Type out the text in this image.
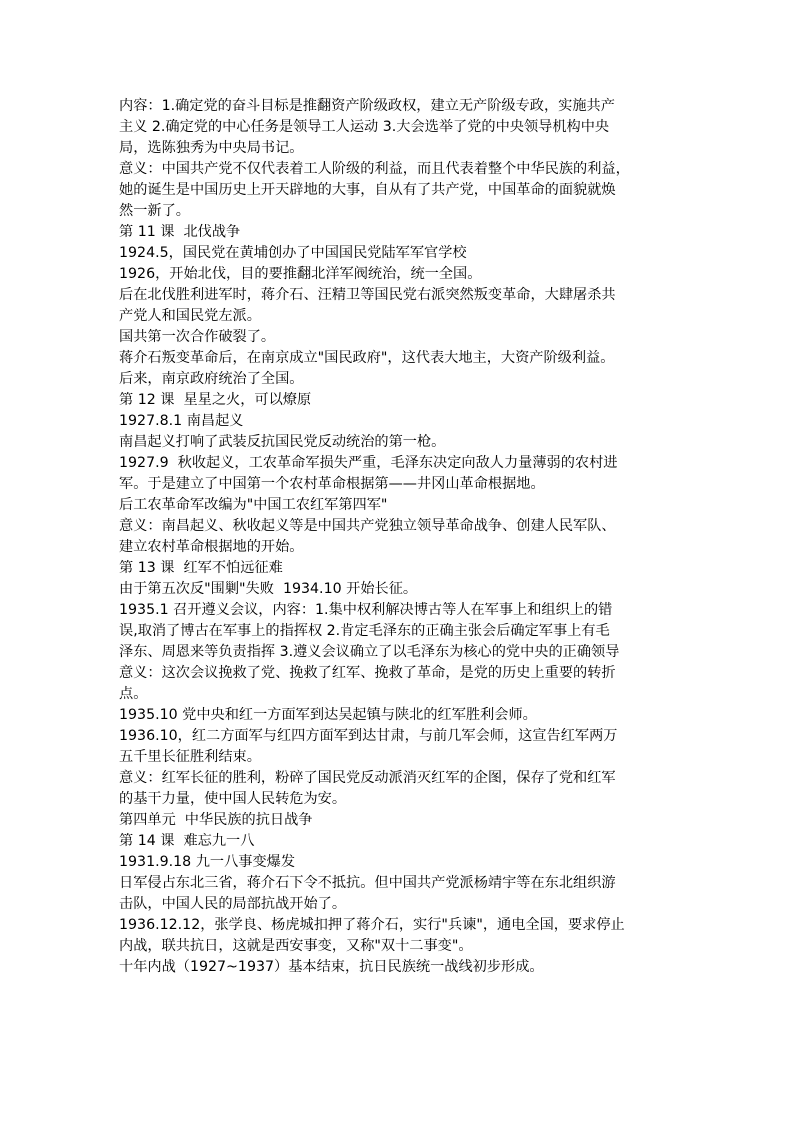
内容：1.确定党的奋斗目标是推翻资产阶级政权，建立无产阶级专政，实施共产

主义 2.确定党的中心任务是领导工人运动 3.大会选举了党的中央领导机构中央

局，选陈独秀为中央局书记。

意义：中国共产党不仅代表着工人阶级的利益，而且代表着整个中华民族的利益，

她的诞生是中国历史上开天辟地的大事，自从有了共产党，中国革命的面貌就焕

然一新了。

第 11 课  北伐战争

1924.5，国民党在黄埔创办了中国国民党陆军军官学校

1926，开始北伐，目的要推翻北洋军阀统治，统一全国。

后在北伐胜利进军时，蒋介石、汪精卫等国民党右派突然叛变革命，大肆屠杀共

产党人和国民党左派。

国共第一次合作破裂了。

蒋介石叛变革命后，在南京成立"国民政府"，这代表大地主，大资产阶级利益。

后来，南京政府统治了全国。

第 12 课  星星之火，可以燎原

1927.8.1 南昌起义

南昌起义打响了武装反抗国民党反动统治的第一枪。

1927.9  秋收起义，工农革命军损失严重，毛泽东决定向敌人力量薄弱的农村进

军。于是建立了中国第一个农村革命根据第——井冈山革命根据地。

后工农革命军改编为"中国工农红军第四军"

意义：南昌起义、秋收起义等是中国共产党独立领导革命战争、创建人民军队、

建立农村革命根据地的开始。

第 13 课  红军不怕远征难

由于第五次反"围剿"失败  1934.10 开始长征。

1935.1 召开遵义会议，内容：1.集中权利解决博古等人在军事上和组织上的错

误,取消了博古在军事上的指挥权 2.肯定毛泽东的正确主张会后确定军事上有毛

泽东、周恩来等负责指挥 3.遵义会议确立了以毛泽东为核心的党中央的正确领导

意义：这次会议挽救了党、挽救了红军、挽救了革命，是党的历史上重要的转折

点。

1935.10 党中央和红一方面军到达吴起镇与陕北的红军胜利会师。

1936.10，红二方面军与红四方面军到达甘肃，与前几军会师，这宣告红军两万

五千里长征胜利结束。

意义：红军长征的胜利，粉碎了国民党反动派消灭红军的企图，保存了党和红军

的基干力量，使中国人民转危为安。

第四单元  中华民族的抗日战争

第 14 课  难忘九一八

1931.9.18 九一八事变爆发

日军侵占东北三省，蒋介石下令不抵抗。但中国共产党派杨靖宇等在东北组织游

击队，中国人民的局部抗战开始了。

1936.12.12，张学良、杨虎城扣押了蒋介石，实行"兵谏"，通电全国，要求停止

内战，联共抗日，这就是西安事变，又称"双十二事变"。

十年内战（1927~1937）基本结束，抗日民族统一战线初步形成。
